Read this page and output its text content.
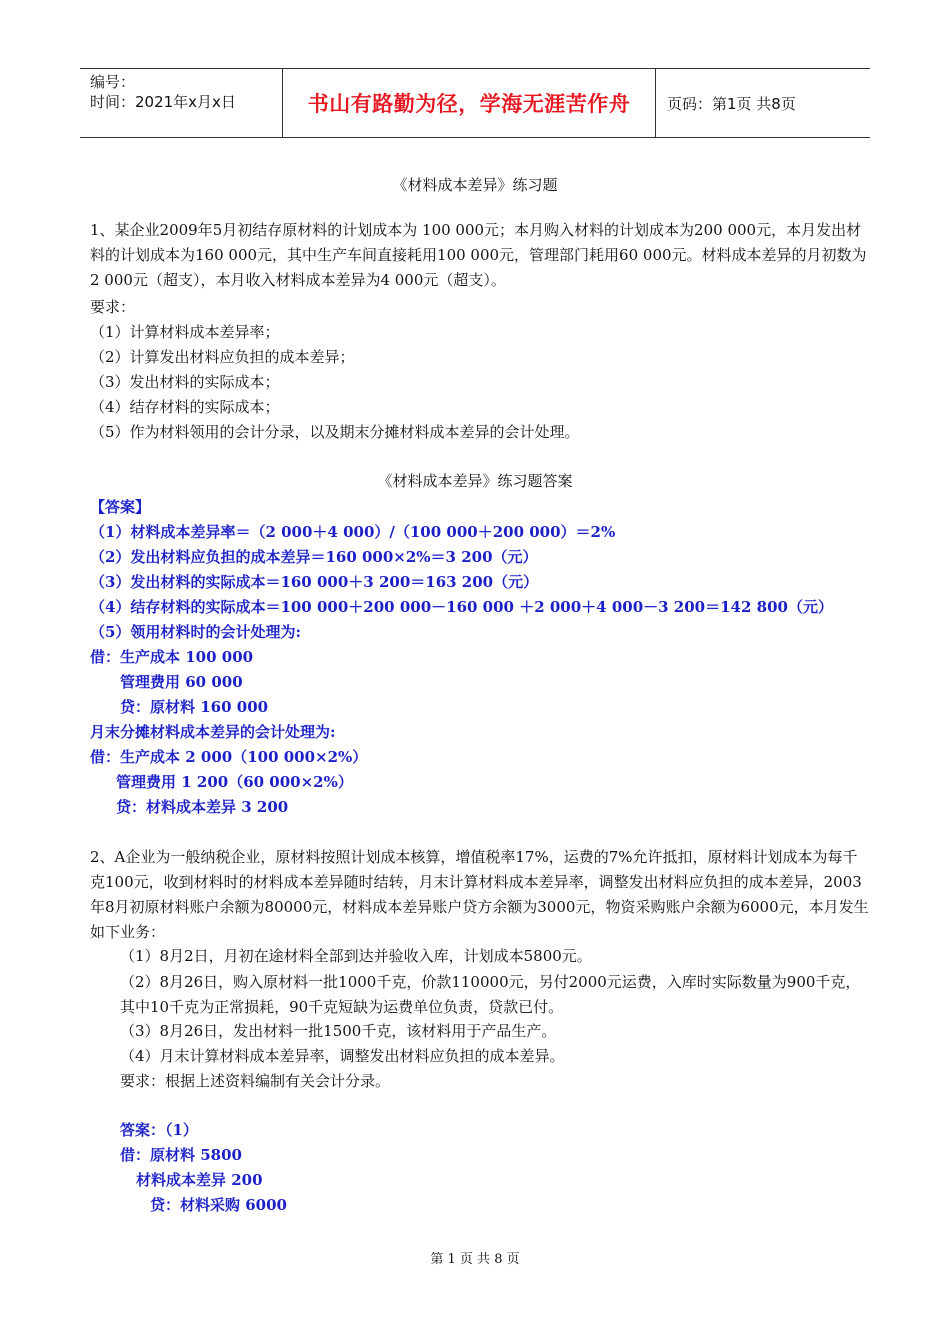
编号：
时间：2021年x月x日	书山有路勤为径，学海无涯苦作舟	页码：第1页 共8页
《材料成本差异》练习题

1、某企业2009年5月初结存原材料的计划成本为 100 000元；本月购入材料的计划成本为200 000元，本月发出材料的计划成本为160 000元，其中生产车间直接耗用100 000元，管理部门耗用60 000元。材料成本差异的月初数为2 000元（超支），本月收入材料成本差异为4 000元（超支）。

要求：
（1）计算材料成本差异率；
（2）计算发出材料应负担的成本差异；
（3）发出材料的实际成本；
（4）结存材料的实际成本；
（5）作为材料领用的会计分录，以及期末分摊材料成本差异的会计处理。
《材料成本差异》练习题答案
【答案】
（1）材料成本差异率＝（2 000＋4 000）/（100 000＋200 000）＝2%
（2）发出材料应负担的成本差异＝160 000×2%＝3 200（元）
（3）发出材料的实际成本＝160 000＋3 200＝163 200（元）
（4）结存材料的实际成本＝100 000＋200 000－160 000 ＋2 000＋4 000－3 200＝142 800（元）
（5）领用材料时的会计处理为:
借：生产成本 100 000
管理费用 60 000
贷：原材料 160 000
月末分摊材料成本差异的会计处理为:
借：生产成本 2 000（100 000×2%）
管理费用 1 200（60 000×2%）
贷：材料成本差异 3 200

2、A企业为一般纳税企业，原材料按照计划成本核算，增值税率17%，运费的7%允许抵扣，原材料计划成本为每千克100元，收到材料时的材料成本差异随时结转，月末计算材料成本差异率，调整发出材料应负担的成本差异，2003年8月初原材料账户余额为80000元，材料成本差异账户贷方余额为3000元，物资采购账户余额为6000元，本月发生如下业务：

（1）8月2日，月初在途材料全部到达并验收入库，计划成本5800元。

（2）8月26日，购入原材料一批1000千克，价款110000元，另付2000元运费，入库时实际数量为900千克，其中10千克为正常损耗，90千克短缺为运费单位负责，贷款已付。

（3）8月26日，发出材料一批1500千克，该材料用于产品生产。
（4）月末计算材料成本差异率，调整发出材料应负担的成本差异。
要求：根据上述资料编制有关会计分录。
答案：（1）
借：原材料 5800
材料成本差异 200
贷：材料采购 6000
第 1 页 共 8 页
